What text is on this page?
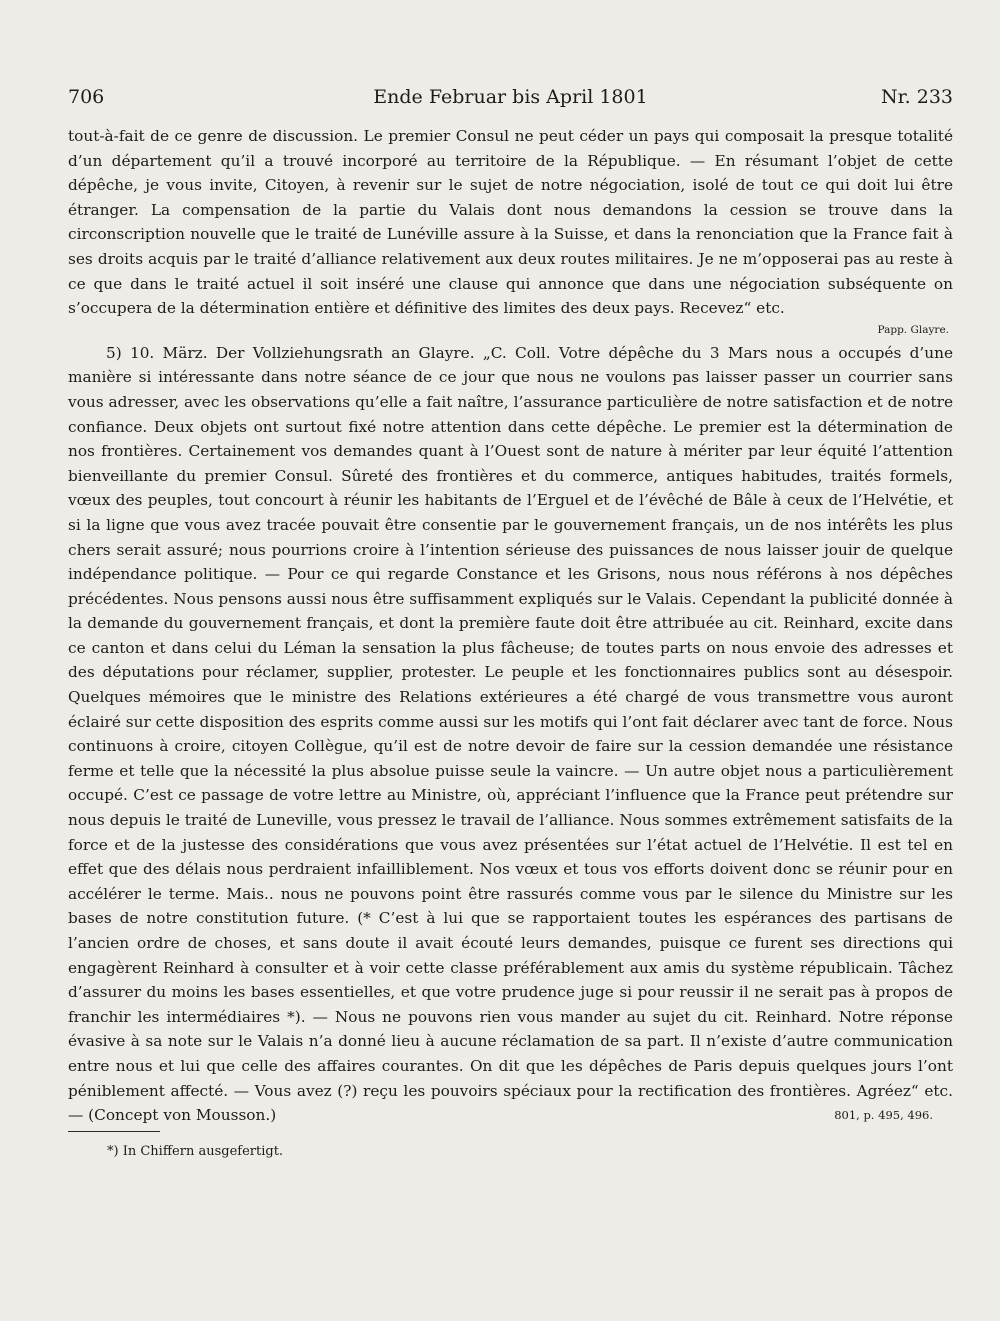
706	Ende Februar bis April 1801	Nr. 233

tout-à-fait de ce genre de discussion. Le premier Consul ne peut céder un pays qui composait la presque totalité d’un département qu’il a trouvé incorporé au territoire de la République. — En résumant l’objet de cette dépêche, je vous invite, Citoyen, à revenir sur le sujet de notre négociation, isolé de tout ce qui doit lui être étranger. La compensation de la partie du Valais dont nous demandons la cession se trouve dans la circonscription nouvelle que le traité de Lunéville assure à la Suisse, et dans la renonciation que la France fait à ses droits acquis par le traité d’alliance relativement aux deux routes militaires. Je ne m’opposerai pas au reste à ce que dans le traité actuel il soit inséré une clause qui annonce que dans une négociation subséquente on s’occupera de la détermination entière et définitive des limites des deux pays. Recevez“ etc.

Papp. Glayre.

5) 10. März. Der Vollziehungsrath an Glayre. „C. Coll. Votre dépêche du 3 Mars nous a occupés d’une manière si intéressante dans notre séance de ce jour que nous ne voulons pas laisser passer un courrier sans vous adresser, avec les observations qu’elle a fait naître, l’assurance particulière de notre satisfaction et de notre confiance. Deux objets ont surtout fixé notre attention dans cette dépêche. Le premier est la détermination de nos frontières. Certainement vos demandes quant à l’Ouest sont de nature à mériter par leur équité l’attention bienveillante du premier Consul. Sûreté des frontières et du commerce, antiques habitudes, traités formels, vœux des peuples, tout concourt à réunir les habitants de l’Erguel et de l’évêché de Bâle à ceux de l’Helvétie, et si la ligne que vous avez tracée pouvait être consentie par le gouvernement français, un de nos intérêts les plus chers serait assuré; nous pourrions croire à l’intention sérieuse des puissances de nous laisser jouir de quelque indépendance politique. — Pour ce qui regarde Constance et les Grisons, nous nous référons à nos dépêches précédentes. Nous pensons aussi nous être suffisamment expliqués sur le Valais. Cependant la publicité donnée à la demande du gouvernement français, et dont la première faute doit être attribuée au cit. Reinhard, excite dans ce canton et dans celui du Léman la sensation la plus fâcheuse; de toutes parts on nous envoie des adresses et des députations pour réclamer, supplier, protester. Le peuple et les fonctionnaires publics sont au désespoir. Quelques mémoires que le ministre des Relations extérieures a été chargé de vous transmettre vous auront éclairé sur cette disposition des esprits comme aussi sur les motifs qui l’ont fait déclarer avec tant de force. Nous continuons à croire, citoyen Collègue, qu’il est de notre devoir de faire sur la cession demandée une résistance ferme et telle que la nécessité la plus absolue puisse seule la vaincre. — Un autre objet nous a particulièrement occupé. C’est ce passage de votre lettre au Ministre, où, appréciant l’influence que la France peut prétendre sur nous depuis le traité de Luneville, vous pressez le travail de l’alliance. Nous sommes extrêmement satisfaits de la force et de la justesse des considérations que vous avez présentées sur l’état actuel de l’Helvétie. Il est tel en effet que des délais nous perdraient infailliblement. Nos vœux et tous vos efforts doivent donc se réunir pour en accélérer le terme. Mais.. nous ne pouvons point être rassurés comme vous par le silence du Ministre sur les bases de notre constitution future. (* C’est à lui que se rapportaient toutes les espérances des partisans de l’ancien ordre de choses, et sans doute il avait écouté leurs demandes, puisque ce furent ses directions qui engagèrent Reinhard à consulter et à voir cette classe préférablement aux amis du système républicain. Tâchez d’assurer du moins les bases essentielles, et que votre prudence juge si pour reussir il ne serait pas à propos de franchir les intermédiaires *). — Nous ne pouvons rien vous mander au sujet du cit. Reinhard. Notre réponse évasive à sa note sur le Valais n’a donné lieu à aucune réclamation de sa part. Il n’existe d’autre communication entre nous et lui que celle des affaires courantes. On dit que les dépêches de Paris depuis quelques jours l’ont péniblement affecté. — Vous avez (?) reçu les pouvoirs spéciaux pour la rectification des frontières. Agréez“ etc. — (Concept von Mousson.)	801, p. 495, 496.

*) In Chiffern ausgefertigt.
